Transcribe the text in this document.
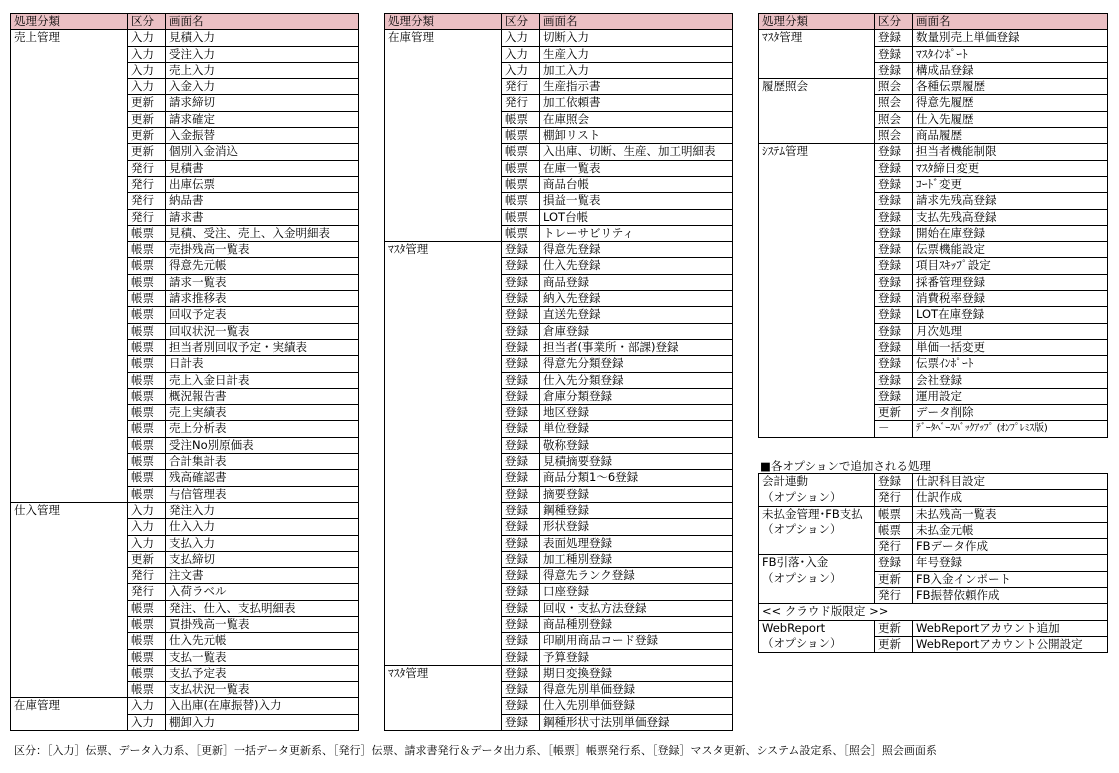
処理分類	区分	画面名
売上管理	入力	見積入力
	入力	受注入力
	入力	売上入力
	入力	入金入力
	更新	請求締切
	更新	請求確定
	更新	入金振替
	更新	個別入金消込
	発行	見積書
	発行	出庫伝票
	発行	納品書
	発行	請求書
	帳票	見積、受注、売上、入金明細表
	帳票	売掛残高一覧表
	帳票	得意先元帳
	帳票	請求一覧表
	帳票	請求推移表
	帳票	回収予定表
	帳票	回収状況一覧表
	帳票	担当者別回収予定・実績表
	帳票	日計表
	帳票	売上入金日計表
	帳票	概況報告書
	帳票	売上実績表
	帳票	売上分析表
	帳票	受注No別原価表
	帳票	合計集計表
	帳票	残高確認書
	帳票	与信管理表
仕入管理	入力	発注入力
	入力	仕入入力
	入力	支払入力
	更新	支払締切
	発行	注文書
	発行	入荷ラベル
	帳票	発注、仕入、支払明細表
	帳票	買掛残高一覧表
	帳票	仕入先元帳
	帳票	支払一覧表
	帳票	支払予定表
	帳票	支払状況一覧表
在庫管理	入力	入出庫(在庫振替)入力
	入力	棚卸入力
処理分類	区分	画面名
在庫管理	入力	切断入力
	入力	生産入力
	入力	加工入力
	発行	生産指示書
	発行	加工依頼書
	帳票	在庫照会
	帳票	棚卸リスト
	帳票	入出庫、切断、生産、加工明細表
	帳票	在庫一覧表
	帳票	商品台帳
	帳票	損益一覧表
	帳票	LOT台帳
	帳票	トレーサビリティ
ﾏｽﾀ管理	登録	得意先登録
	登録	仕入先登録
	登録	商品登録
	登録	納入先登録
	登録	直送先登録
	登録	倉庫登録
	登録	担当者(事業所・部課)登録
	登録	得意先分類登録
	登録	仕入先分類登録
	登録	倉庫分類登録
	登録	地区登録
	登録	単位登録
	登録	敬称登録
	登録	見積摘要登録
	登録	商品分類1～6登録
	登録	摘要登録
	登録	鋼種登録
	登録	形状登録
	登録	表面処理登録
	登録	加工種別登録
	登録	得意先ランク登録
	登録	口座登録
	登録	回収・支払方法登録
	登録	商品種別登録
	登録	印刷用商品コード登録
	登録	予算登録
ﾏｽﾀ管理	登録	期日変換登録
	登録	得意先別単価登録
	登録	仕入先別単価登録
	登録	鋼種形状寸法別単価登録
処理分類	区分	画面名
ﾏｽﾀ管理	登録	数量別売上単価登録
	登録	ﾏｽﾀｲﾝﾎﾟｰﾄ
	登録	構成品登録
履歴照会	照会	各種伝票履歴
	照会	得意先履歴
	照会	仕入先履歴
	照会	商品履歴
ｼｽﾃﾑ管理	登録	担当者機能制限
	登録	ﾏｽﾀ締日変更
	登録	ｺｰﾄﾞ変更
	登録	請求先残高登録
	登録	支払先残高登録
	登録	開始在庫登録
	登録	伝票機能設定
	登録	項目ｽｷｯﾌﾟ設定
	登録	採番管理登録
	登録	消費税率登録
	登録	LOT在庫登録
	登録	月次処理
	登録	単価一括変更
	登録	伝票ｲﾝﾎﾟｰﾄ
	登録	会社登録
	登録	運用設定
	更新	データ削除
	－	ﾃﾞｰﾀﾍﾞｰｽﾊﾞｯｸｱｯﾌﾟ (ｵﾝﾌﾟﾚﾐｽ版)
■各オプションで追加される処理
会計連動	登録	仕訳科目設定
（オプション）	発行	仕訳作成
未払金管理･FB支払	帳票	未払残高一覧表
（オプション）	帳票	未払金元帳
	発行	FBデータ作成
FB引落･入金	登録	年号登録
（オプション）	更新	FB入金インポート
	発行	FB振替依頼作成
<< クラウド版限定 >>		
WebReport	更新	WebReportアカウント追加
（オプション）	更新	WebReportアカウント公開設定
区分：［入力］伝票、データ入力系、［更新］一括データ更新系、［発行］伝票、請求書発行＆データ出力系、［帳票］帳票発行系、［登録］マスタ更新、システム設定系、［照会］照会画面系
